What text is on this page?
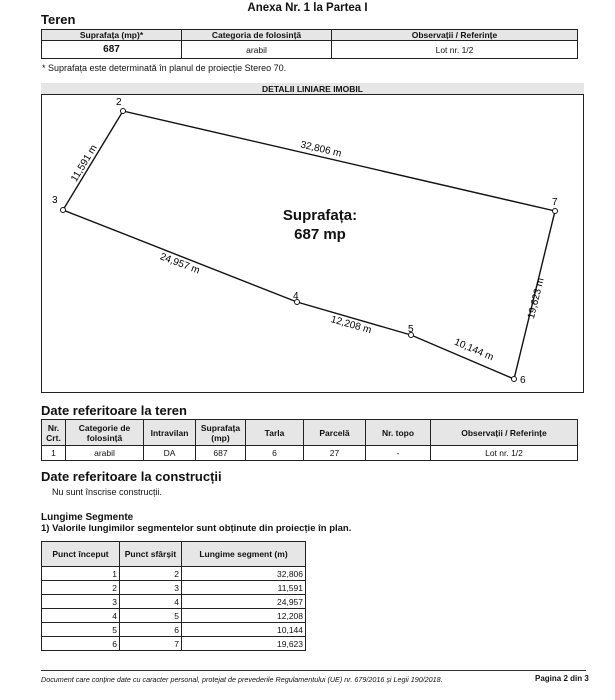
Anexa Nr. 1 la Partea I
Teren
Suprafața (mp)*	Categoria de folosință	Observații / Referințe
687	arabil	Lot nr. 1/2
* Suprafața este determinată în planul de proiecție Stereo 70.
DETALII LINIARE IMOBIL
2
3
4
5
6
7
32,806 m
11,591 m
24,957 m
12,208 m
10,144 m
19,623 m
Suprafața:
687 mp
Date referitoare la teren
Nr. Crt.	Categorie de folosință	Intravilan	Suprafața (mp)	Tarla	Parcelă	Nr. topo	Observații / Referințe
1	arabil	DA	687	6	27	-	Lot nr. 1/2
Date referitoare la construcții
Nu sunt înscrise construcții.
Lungime Segmente
1) Valorile lungimilor segmentelor sunt obținute din proiecție în plan.
Punct început	Punct sfârșit	Lungime segment (m)
1	2	32,806
2	3	11,591
3	4	24,957
4	5	12,208
5	6	10,144
6	7	19,623
Document care conține date cu caracter personal, protejat de prevederile Regulamentului (UE) nr. 679/2016 și Legii 190/2018.	Pagina 2 din 3
